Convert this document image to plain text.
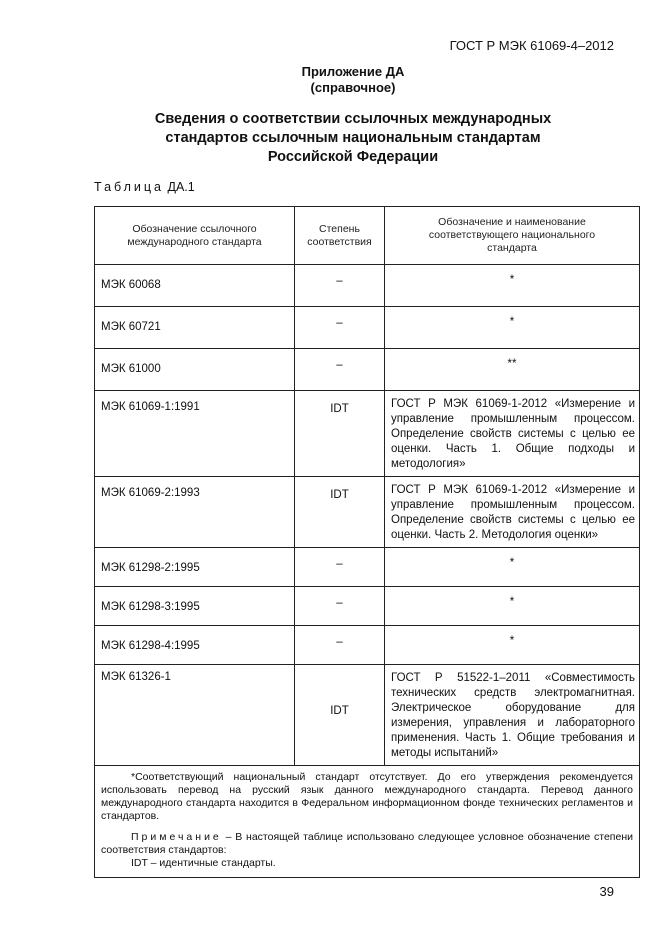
ГОСТ Р МЭК 61069-4–2012
Приложение ДА
(справочное)
Сведения о соответствии ссылочных международных
стандартов ссылочным национальным стандартам
Российской Федерации
Таблица ДА.1
Обозначение ссылочного международного стандарта	Степень соответствия	Обозначение и наименование соответствующего национального стандарта
МЭК 60068	–	*
МЭК 60721	–	*
МЭК 61000	–	**
МЭК 61069-1:1991	IDT	ГОСТ Р МЭК 61069-1-2012 «Измерение и управление промышленным процессом. Определение свойств системы с целью ее оценки. Часть 1. Общие подходы и методология»
МЭК 61069-2:1993	IDT	ГОСТ Р МЭК 61069-1-2012 «Измерение и управление промышленным процессом. Определение свойств системы с целью ее оценки. Часть 2. Методология оценки»
МЭК 61298-2:1995	–	*
МЭК 61298-3:1995	–	*
МЭК 61298-4:1995	–	*
МЭК 61326-1	IDT	ГОСТ Р 51522-1–2011 «Совместимость технических средств электромагнитная. Электрическое оборудование для измерения, управления и лабораторного применения. Часть 1. Общие требования и методы испытаний»

*Соответствующий национальный стандарт отсутствует. До его утверждения рекомендуется использовать перевод на русский язык данного международного стандарта. Перевод данного международного стандарта находится в Федеральном информационном фонде технических регламентов и стандартов.

Примечание – В настоящей таблице использовано следующее условное обозначение степени соответствия стандартов:

IDT – идентичные стандарты.		

39
